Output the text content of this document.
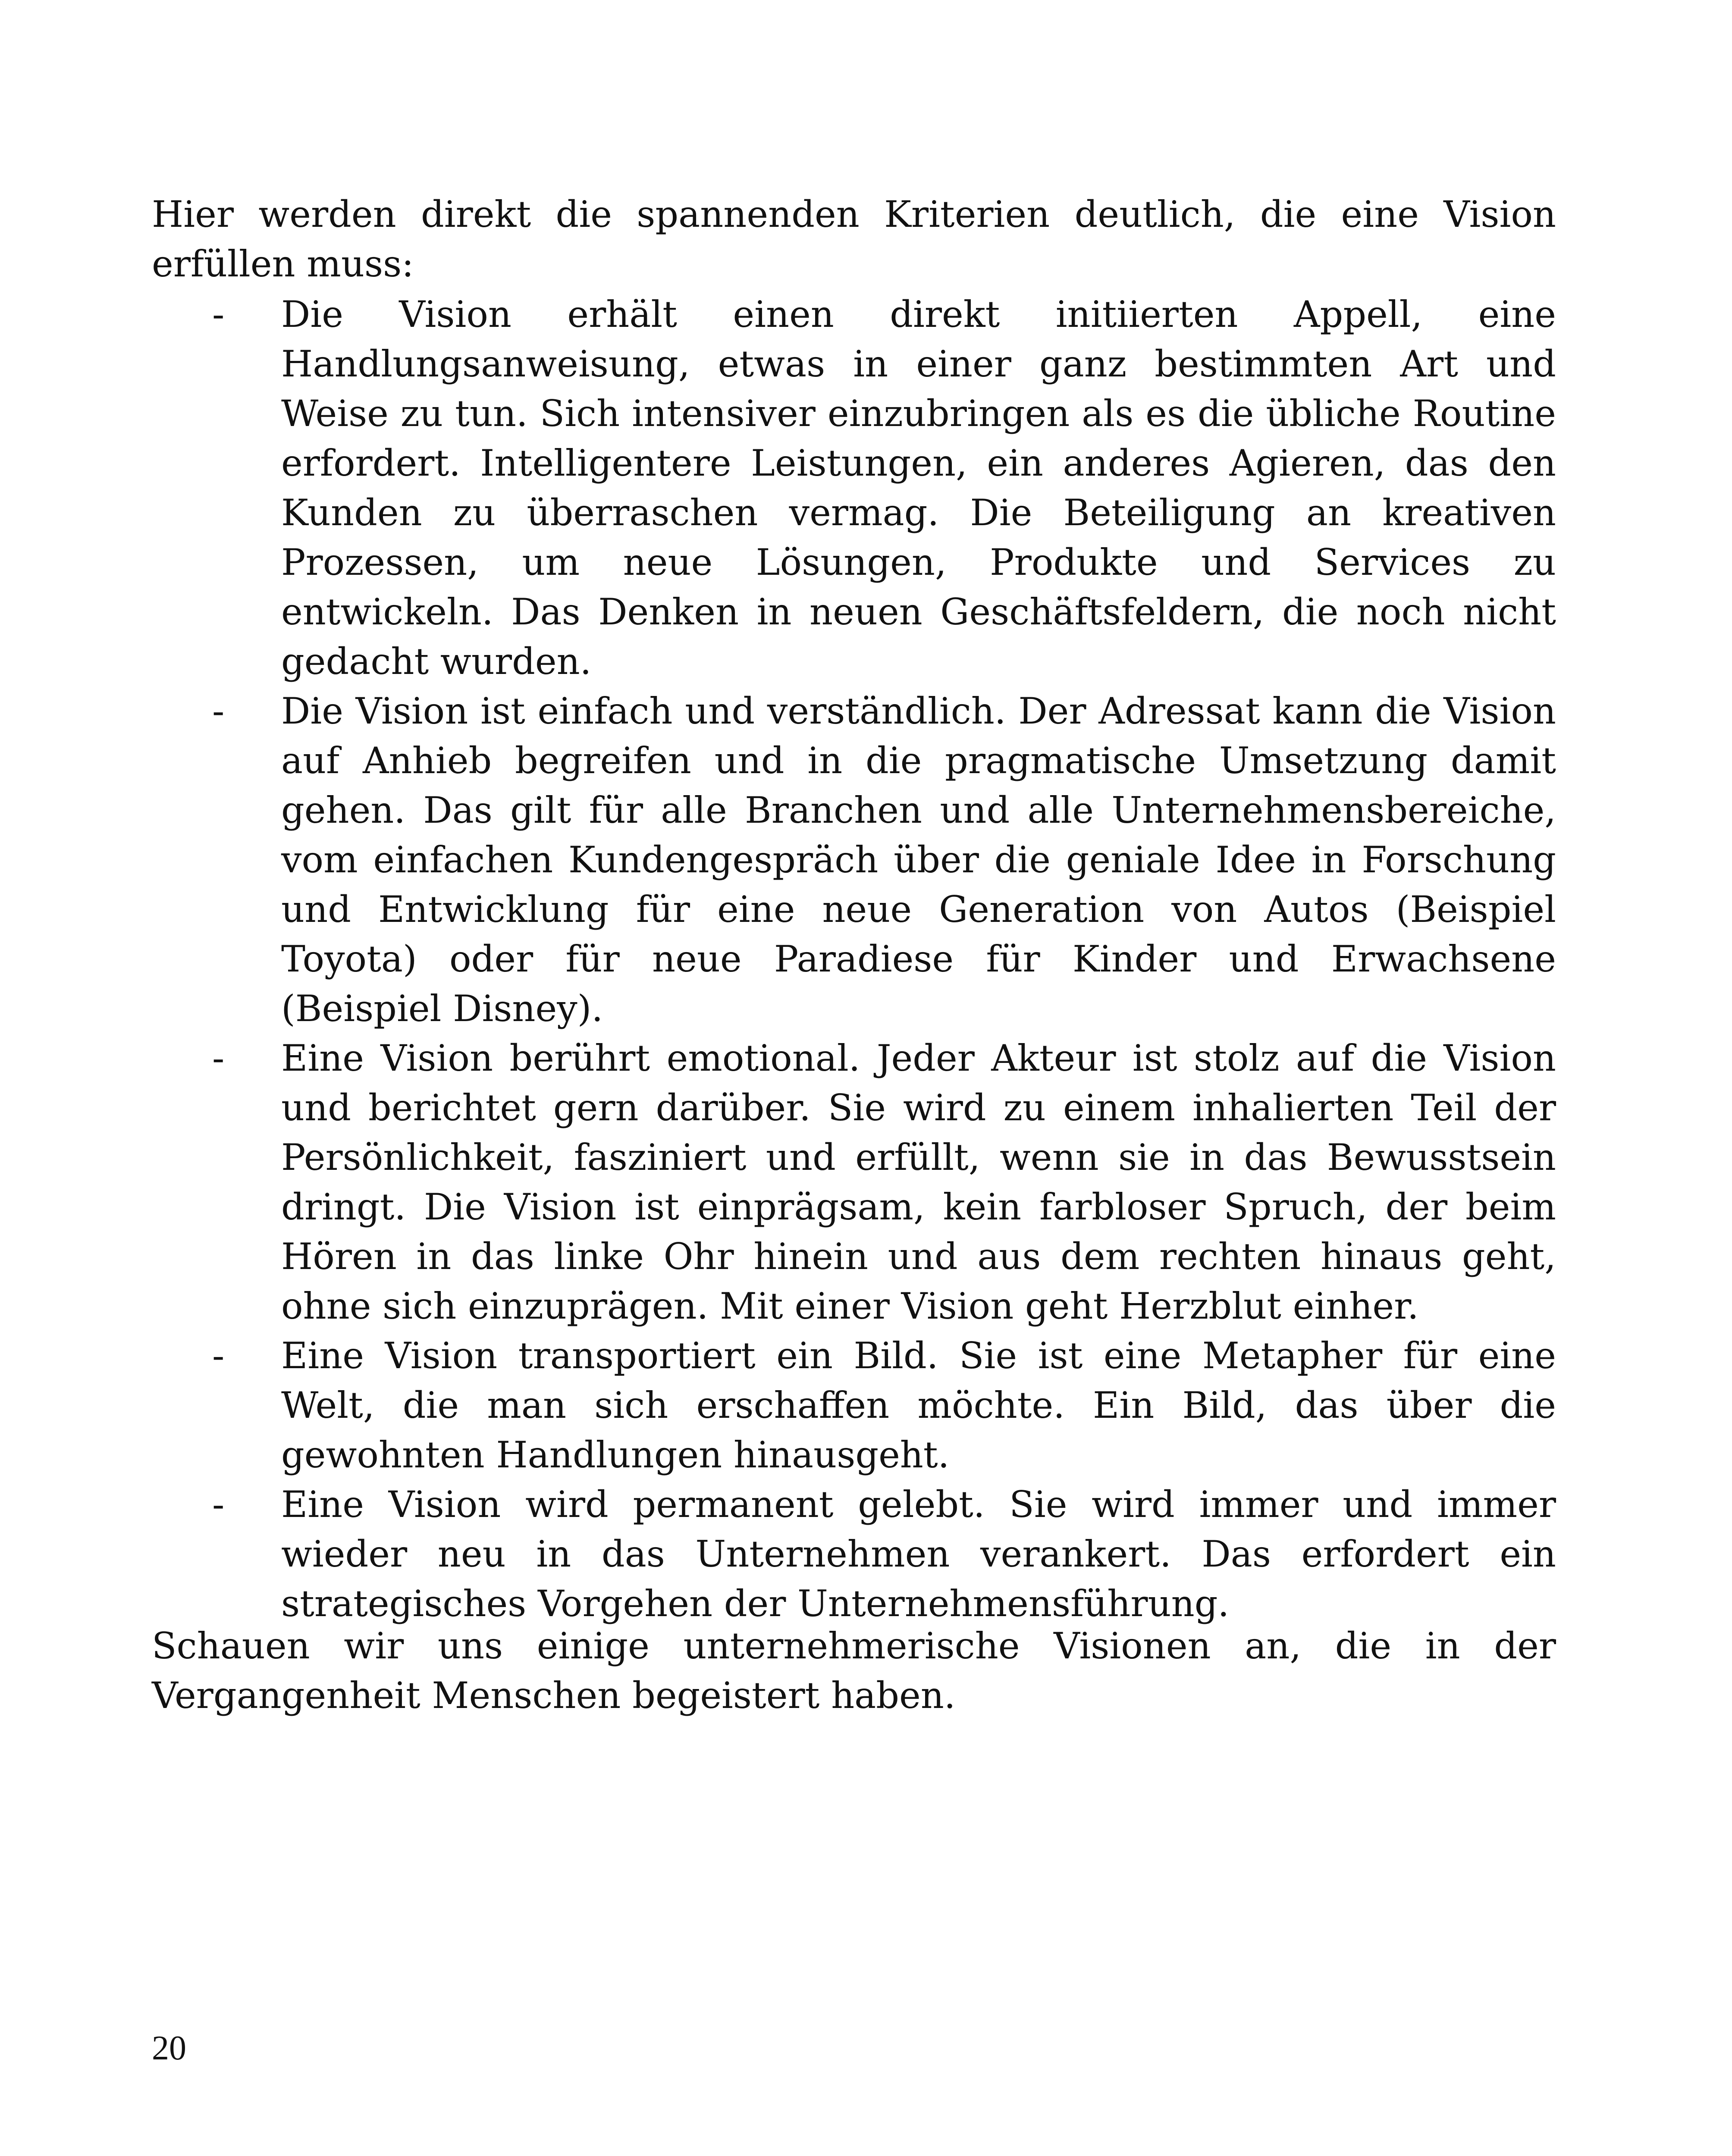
Hier werden direkt die spannenden Kriterien deutlich, die eine Vision erfüllen muss:

-	Die Vision erhält einen direkt initiierten Appell, eine Handlungsanweisung, etwas in einer ganz bestimmten Art und Weise zu tun. Sich intensiver einzubringen als es die übliche Routine erfordert. Intelligentere Leistungen, ein anderes Agieren, das den Kunden zu überraschen vermag. Die Beteiligung an kreativen Prozessen, um neue Lösungen, Produkte und Services zu entwickeln. Das Denken in neuen Geschäftsfeldern, die noch nicht gedacht wurden.
-	Die Vision ist einfach und verständlich. Der Adressat kann die Vision auf Anhieb begreifen und in die pragmatische Umsetzung damit gehen. Das gilt für alle Branchen und alle Unternehmensbereiche, vom einfachen Kundengespräch über die geniale Idee in Forschung und Entwicklung für eine neue Generation von Autos (Beispiel Toyota) oder für neue Paradiese für Kinder und Erwachsene (Beispiel Disney).
-	Eine Vision berührt emotional. Jeder Akteur ist stolz auf die Vision und berichtet gern darüber. Sie wird zu einem inhalierten Teil der Persönlichkeit, fasziniert und erfüllt, wenn sie in das Bewusstsein dringt. Die Vision ist einprägsam, kein farbloser Spruch, der beim Hören in das linke Ohr hinein und aus dem rechten hinaus geht, ohne sich einzuprägen. Mit einer Vision geht Herzblut einher.
-	Eine Vision transportiert ein Bild. Sie ist eine Metapher für eine Welt, die man sich erschaffen möchte. Ein Bild, das über die gewohnten Handlungen hinausgeht.
-	Eine Vision wird permanent gelebt. Sie wird immer und immer wieder neu in das Unternehmen verankert. Das erfordert ein strategisches Vorgehen der Unternehmensführung.

Schauen wir uns einige unternehmerische Visionen an, die in der Vergangenheit Menschen begeistert haben.

20
